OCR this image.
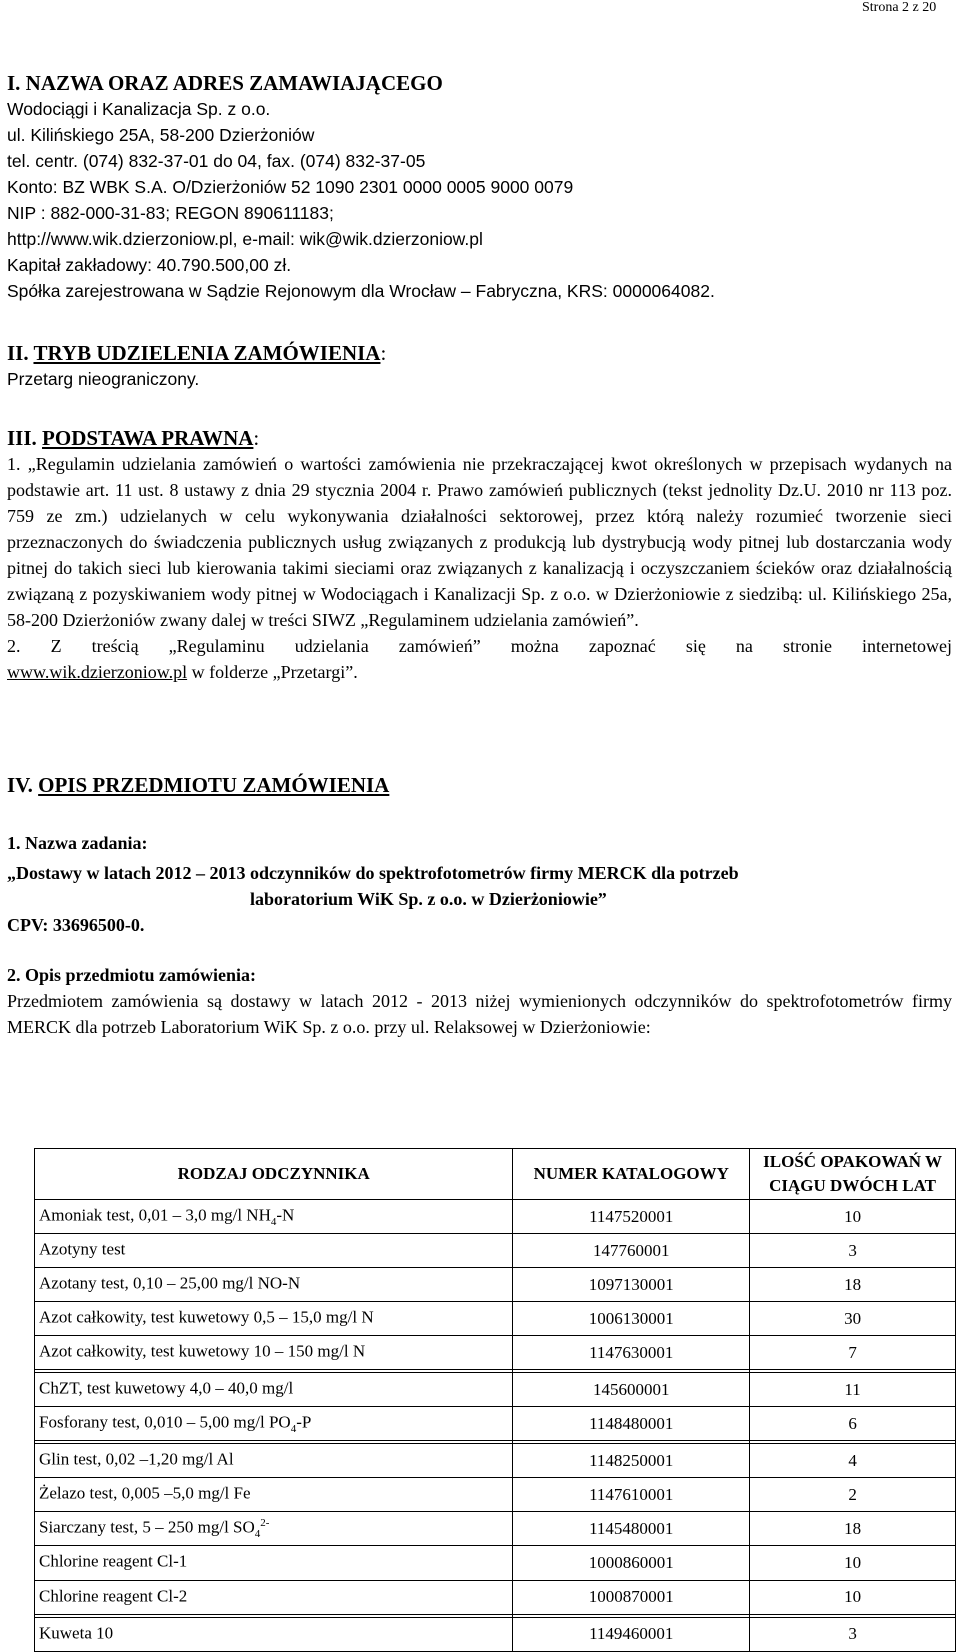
Strona 2 z 20
I. NAZWA ORAZ ADRES ZAMAWIAJĄCEGO
Wodociągi i Kanalizacja Sp. z o.o.
ul. Kilińskiego 25A, 58-200 Dzierżoniów
tel. centr. (074) 832-37-01 do 04, fax. (074) 832-37-05
Konto: BZ WBK S.A. O/Dzierżoniów 52 1090 2301 0000 0005 9000 0079
NIP : 882-000-31-83; REGON 890611183;
http://www.wik.dzierzoniow.pl, e-mail: wik@wik.dzierzoniow.pl
Kapitał zakładowy: 40.790.500,00 zł.
Spółka zarejestrowana w Sądzie Rejonowym dla Wrocław – Fabryczna, KRS: 0000064082.
II. TRYB UDZIELENIA ZAMÓWIENIA:
Przetarg nieograniczony.
III. PODSTAWA PRAWNA:

1. „Regulamin udzielania zamówień o wartości zamówienia nie przekraczającej kwot określonych w przepisach wydanych na podstawie art. 11 ust. 8 ustawy z dnia 29 stycznia 2004 r. Prawo zamówień publicznych (tekst jednolity Dz.U. 2010 nr 113 poz. 759 ze zm.) udzielanych w celu wykonywania działalności sektorowej, przez którą należy rozumieć tworzenie sieci przeznaczonych do świadczenia publicznych usług związanych z produkcją lub dystrybucją wody pitnej lub dostarczania wody pitnej do takich sieci lub kierowania takimi sieciami oraz związanych z kanalizacją i oczyszczaniem ścieków oraz działalnością związaną z pozyskiwaniem wody pitnej w Wodociągach i Kanalizacji Sp. z o.o. w Dzierżoniowie z siedzibą: ul. Kilińskiego 25a, 58-200 Dzierżoniów zwany dalej w treści SIWZ „Regulaminem udzielania zamówień”.

2. Z treścią „Regulaminu udzielania zamówień” można zapoznać się na stronie internetowej

www.wik.dzierzoniow.pl w folderze „Przetargi”.

IV. OPIS PRZEDMIOTU ZAMÓWIENIA
1. Nazwa zadania:
„Dostawy w latach 2012 – 2013 odczynników do spektrofotometrów firmy MERCK dla potrzeb
laboratorium WiK Sp. z o.o. w Dzierżoniowie”
CPV: 33696500-0.
2. Opis przedmiotu zamówienia:

Przedmiotem zamówienia są dostawy w latach 2012 - 2013 niżej wymienionych odczynników do spektrofotometrów firmy MERCK dla potrzeb Laboratorium WiK Sp. z o.o. przy ul. Relaksowej w Dzierżoniowie:

RODZAJ ODCZYNNIKA	NUMER KATALOGOWY	ILOŚĆ OPAKOWAŃ W CIĄGU DWÓCH LAT
Amoniak test, 0,01 – 3,0 mg/l $NH_4-N$	1147520001	10
Azotyny test	147760001	3
Azotany test, 0,10 – 25,00 mg/l NO-N	1097130001	18
Azot całkowity, test kuwetowy 0,5 – 15,0 mg/l N	1006130001	30
Azot całkowity, test kuwetowy 10 – 150 mg/l N	1147630001	7

ChZT, test kuwetowy 4,0 – 40,0 mg/l	145600001	11
Fosforany test, 0,010 – 5,00 mg/l $PO_4-P$	1148480001	6

Glin test, 0,02 –1,20 mg/l Al	1148250001	4
Żelazo test, 0,005 –5,0 mg/l Fe	1147610001	2
Siarczany test, 5 – 250 mg/l $SO_4^{2-}$	1145480001	18
Chlorine reagent Cl-1	1000860001	10
Chlorine reagent Cl-2	1000870001	10

Kuweta 10	1149460001	3
